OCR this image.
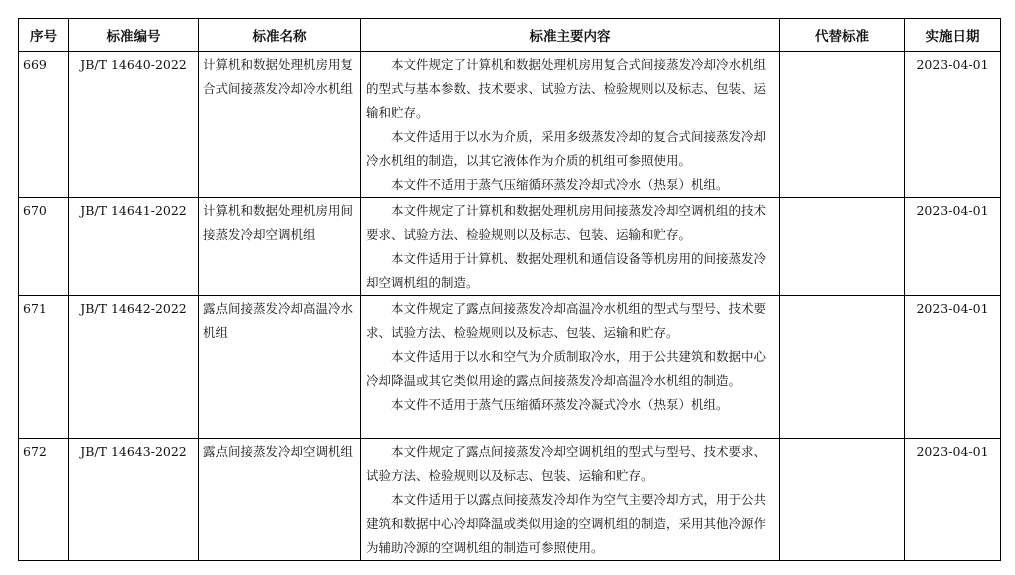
序号	标准编号	标准名称	标准主要内容	代替标准	实施日期
669	JB/T 14640-2022	计算机和数据处理机房用复合式间接蒸发冷却冷水机组	本文件规定了计算机和数据处理机房用复合式间接蒸发冷却冷水机组的型式与基本参数、技术要求、试验方法、检验规则以及标志、包装、运输和贮存。

本文件适用于以水为介质，采用多级蒸发冷却的复合式间接蒸发冷却冷水机组的制造，以其它液体作为介质的机组可参照使用。

本文件不适用于蒸气压缩循环蒸发冷却式冷水（热泵）机组。		2023-04-01
670	JB/T 14641-2022	计算机和数据处理机房用间接蒸发冷却空调机组	本文件规定了计算机和数据处理机房用间接蒸发冷却空调机组的技术要求、试验方法、检验规则以及标志、包装、运输和贮存。

本文件适用于计算机、数据处理机和通信设备等机房用的间接蒸发冷却空调机组的制造。		2023-04-01
671	JB/T 14642-2022	露点间接蒸发冷却高温冷水机组	本文件规定了露点间接蒸发冷却高温冷水机组的型式与型号、技术要求、试验方法、检验规则以及标志、包装、运输和贮存。

本文件适用于以水和空气为介质制取冷水，用于公共建筑和数据中心冷却降温或其它类似用途的露点间接蒸发冷却高温冷水机组的制造。

本文件不适用于蒸气压缩循环蒸发冷凝式冷水（热泵）机组。		2023-04-01
672	JB/T 14643-2022	露点间接蒸发冷却空调机组	本文件规定了露点间接蒸发冷却空调机组的型式与型号、技术要求、试验方法、检验规则以及标志、包装、运输和贮存。

本文件适用于以露点间接蒸发冷却作为空气主要冷却方式，用于公共建筑和数据中心冷却降温或类似用途的空调机组的制造，采用其他冷源作为辅助冷源的空调机组的制造可参照使用。		2023-04-01
